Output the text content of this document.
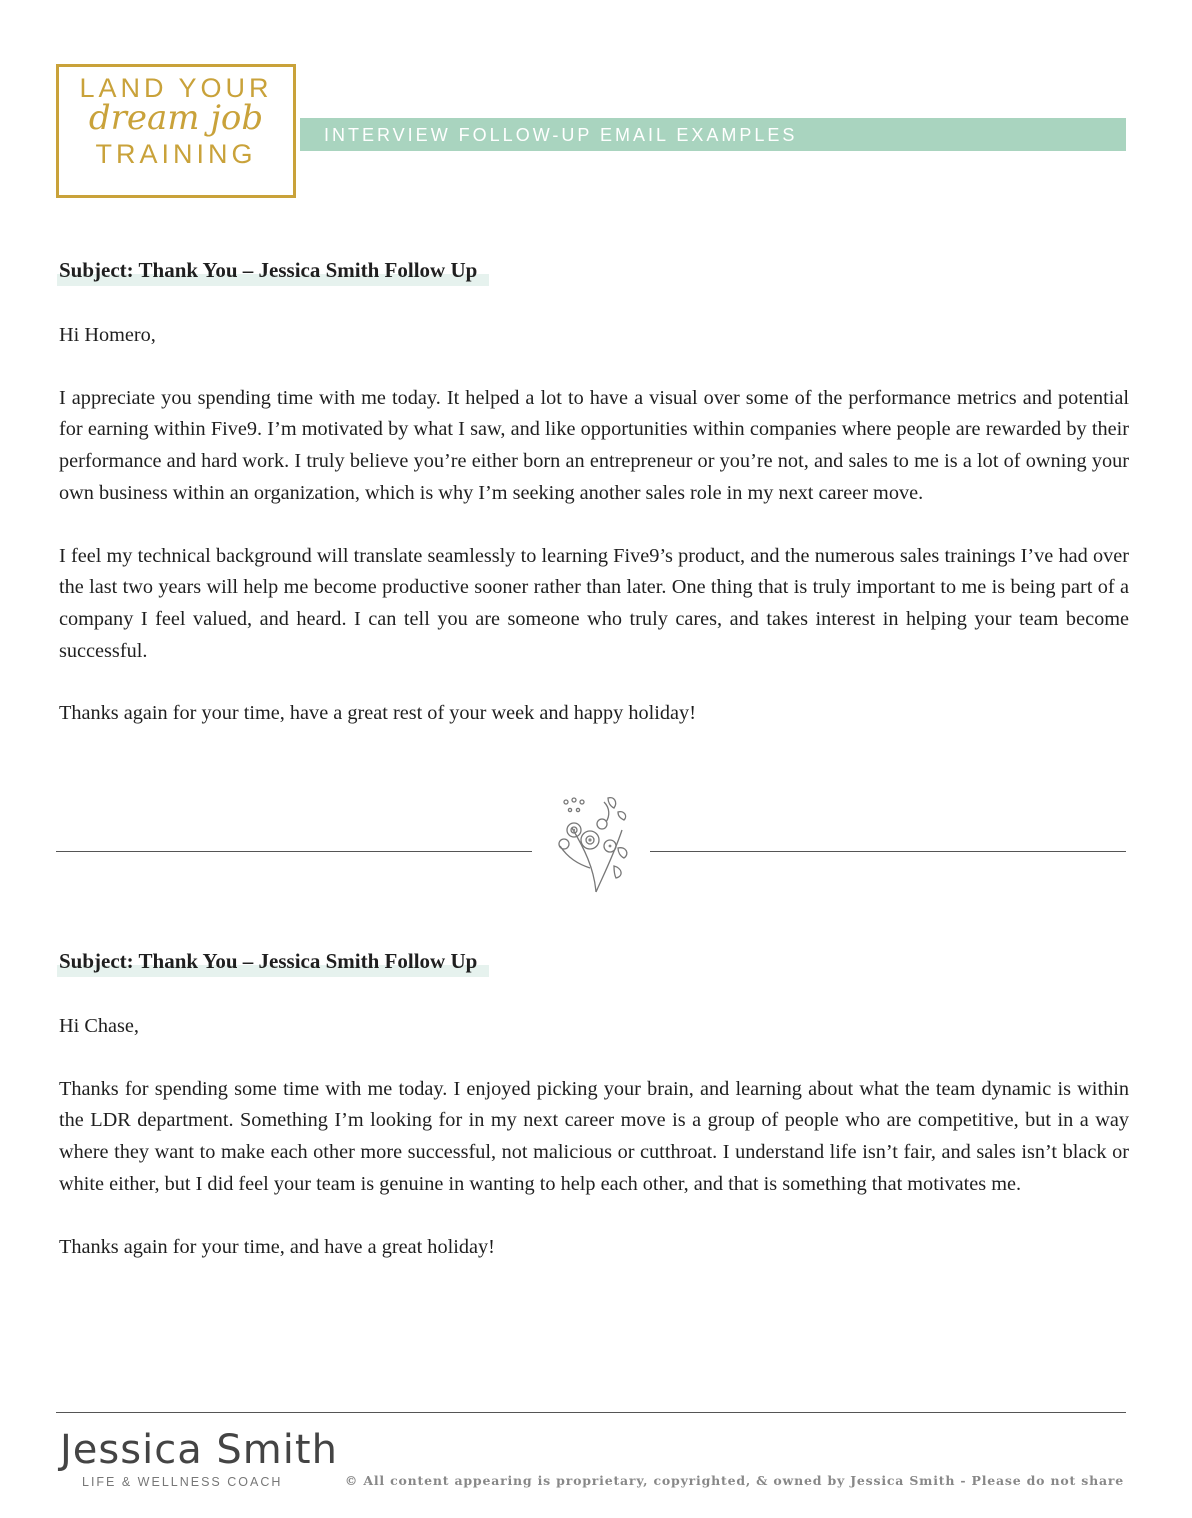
LAND YOUR
dream job
TRAINING
INTERVIEW FOLLOW-UP EMAIL EXAMPLES
Subject: Thank You – Jessica Smith Follow Up

Hi Homero,

I appreciate you spending time with me today. It helped a lot to have a visual over some of the performance metrics and potential for earning within Five9. I’m motivated by what I saw, and like opportunities within companies where people are rewarded by their performance and hard work. I truly believe you’re either born an entrepreneur or you’re not, and sales to me is a lot of owning your own business within an organization, which is why I’m seeking another sales role in my next career move.

I feel my technical background will translate seamlessly to learning Five9’s product, and the numerous sales trainings I’ve had over the last two years will help me become productive sooner rather than later. One thing that is truly important to me is being part of a company I feel valued, and heard. I can tell you are someone who truly cares, and takes interest in helping your team become successful.

Thanks again for your time, have a great rest of your week and happy holiday!

Subject: Thank You – Jessica Smith Follow Up

Hi Chase,

Thanks for spending some time with me today. I enjoyed picking your brain, and learning about what the team dynamic is within the LDR department. Something I’m looking for in my next career move is a group of people who are competitive, but in a way where they want to make each other more successful, not malicious or cutthroat. I understand life isn’t fair, and sales isn’t black or white either, but I did feel your team is genuine in wanting to help each other, and that is something that motivates me.

Thanks again for your time, and have a great holiday!

Jessica Smith
LIFE & WELLNESS COACH	© All content appearing is proprietary, copyrighted, & owned by Jessica Smith - Please do not share
